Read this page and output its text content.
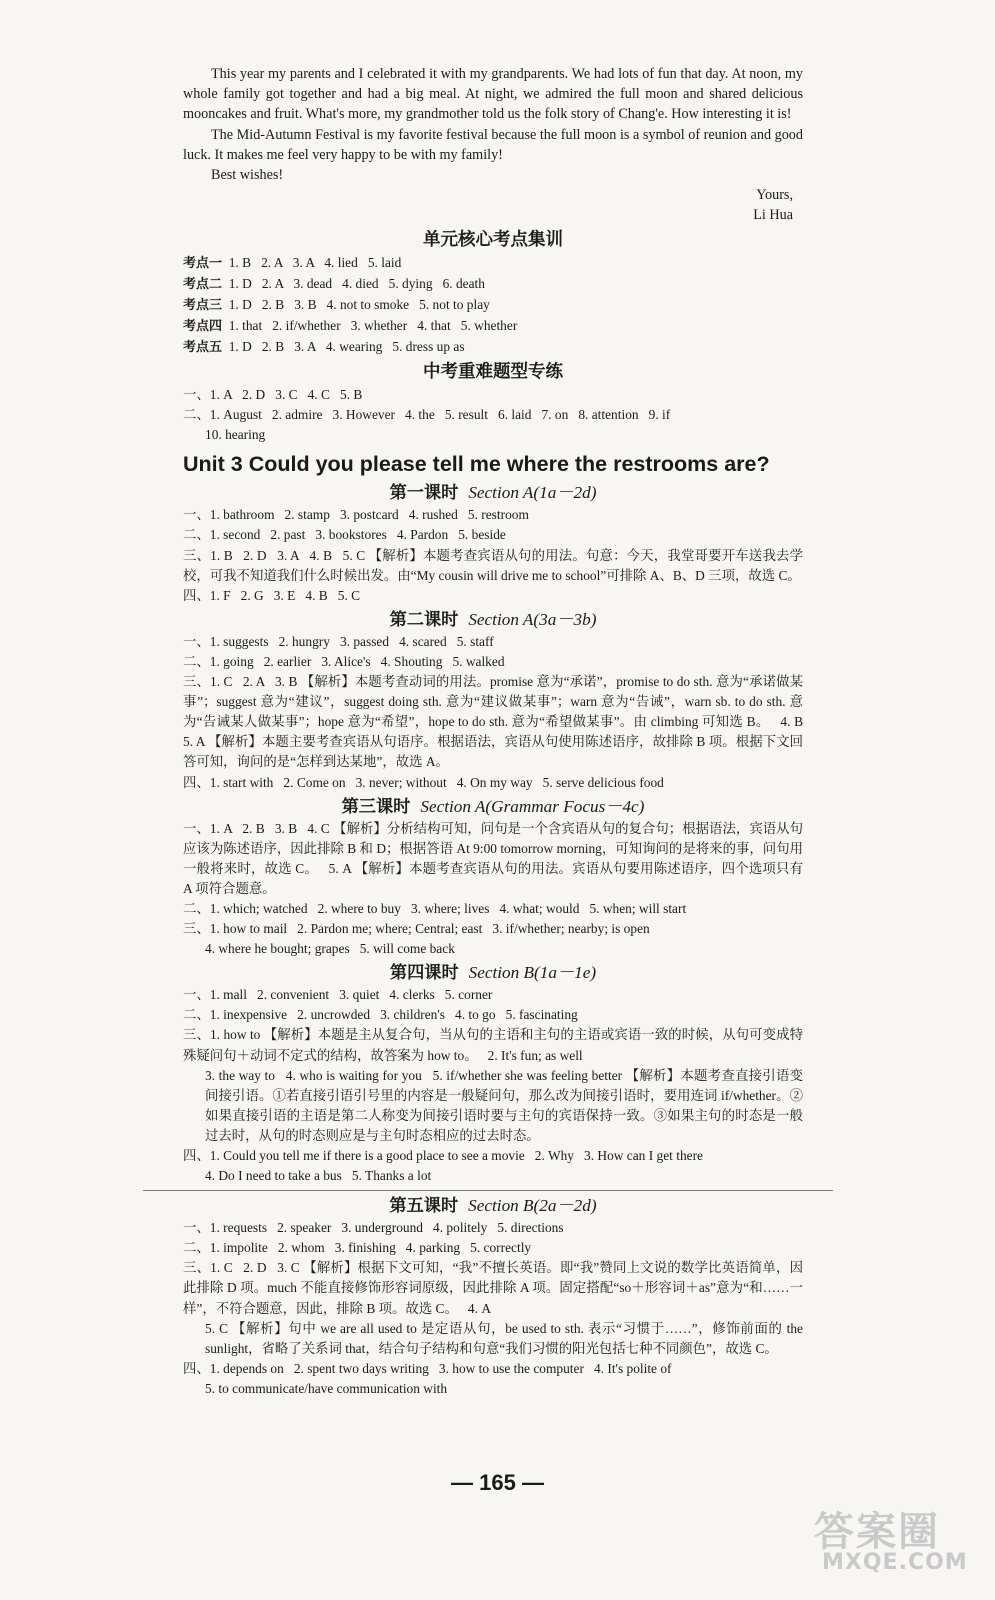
This year my parents and I celebrated it with my grandparents. We had lots of fun that day. At noon, my whole family got together and had a big meal. At night, we admired the full moon and shared delicious mooncakes and fruit. What's more, my grandmother told us the folk story of Chang'e. How interesting it is!

The Mid-Autumn Festival is my favorite festival because the full moon is a symbol of reunion and good luck. It makes me feel very happy to be with my family!

Best wishes!

Yours,
Li Hua
单元核心考点集训
考点一 1. B   2. A   3. A   4. lied   5. laid
考点二 1. D   2. A   3. dead   4. died   5. dying   6. death
考点三 1. D   2. B   3. B   4. not to smoke   5. not to play
考点四 1. that   2. if/whether   3. whether   4. that   5. whether
考点五 1. D   2. B   3. A   4. wearing   5. dress up as
中考重难题型专练
一、1. A   2. D   3. C   4. C   5. B
二、1. August   2. admire   3. However   4. the   5. result   6. laid   7. on   8. attention   9. if
10. hearing
Unit 3 Could you please tell me where the restrooms are?
第一课时 Section A(1a－2d)
一、1. bathroom   2. stamp   3. postcard   4. rushed   5. restroom
二、1. second   2. past   3. bookstores   4. Pardon   5. beside
三、1. B   2. D   3. A   4. B   5. C 【解析】本题考查宾语从句的用法。句意：今天，我堂哥要开车送我去学校，可我不知道我们什么时候出发。由“My cousin will drive me to school”可排除 A、B、D 三项，故选 C。
四、1. F   2. G   3. E   4. B   5. C
第二课时 Section A(3a－3b)
一、1. suggests   2. hungry   3. passed   4. scared   5. staff
二、1. going   2. earlier   3. Alice's   4. Shouting   5. walked
三、1. C   2. A   3. B 【解析】本题考查动词的用法。promise 意为“承诺”，promise to do sth. 意为“承诺做某事”；suggest 意为“建议”，suggest doing sth. 意为“建议做某事”；warn 意为“告诫”，warn sb. to do sth. 意为“告诫某人做某事”；hope 意为“希望”，hope to do sth. 意为“希望做某事”。由 climbing 可知选 B。   4. B   5. A 【解析】本题主要考查宾语从句语序。根据语法，宾语从句使用陈述语序，故排除 B 项。根据下文回答可知，询问的是“怎样到达某地”，故选 A。
四、1. start with   2. Come on   3. never; without   4. On my way   5. serve delicious food
第三课时 Section A(Grammar Focus－4c)
一、1. A   2. B   3. B   4. C 【解析】分析结构可知，问句是一个含宾语从句的复合句；根据语法，宾语从句应该为陈述语序，因此排除 B 和 D；根据答语 At 9:00 tomorrow morning，可知询问的是将来的事，问句用一般将来时，故选 C。   5. A 【解析】本题考查宾语从句的用法。宾语从句要用陈述语序，四个选项只有 A 项符合题意。
二、1. which; watched   2. where to buy   3. where; lives   4. what; would   5. when; will start
三、1. how to mail   2. Pardon me; where; Central; east   3. if/whether; nearby; is open
4. where he bought; grapes   5. will come back
第四课时 Section B(1a－1e)
一、1. mall   2. convenient   3. quiet   4. clerks   5. corner
二、1. inexpensive   2. uncrowded   3. children's   4. to go   5. fascinating
三、1. how to 【解析】本题是主从复合句，当从句的主语和主句的主语或宾语一致的时候，从句可变成特殊疑问句＋动词不定式的结构，故答案为 how to。   2. It's fun; as well
3. the way to   4. who is waiting for you   5. if/whether she was feeling better 【解析】本题考查直接引语变间接引语。①若直接引语引号里的内容是一般疑问句，那么改为间接引语时，要用连词 if/whether。②如果直接引语的主语是第二人称变为间接引语时要与主句的宾语保持一致。③如果主句的时态是一般过去时，从句的时态则应是与主句时态相应的过去时态。
四、1. Could you tell me if there is a good place to see a movie   2. Why   3. How can I get there
4. Do I need to take a bus   5. Thanks a lot
第五课时 Section B(2a－2d)
一、1. requests   2. speaker   3. underground   4. politely   5. directions
二、1. impolite   2. whom   3. finishing   4. parking   5. correctly
三、1. C   2. D   3. C 【解析】根据下文可知，“我”不擅长英语。即“我”赞同上文说的数学比英语简单，因此排除 D 项。much 不能直接修饰形容词原级，因此排除 A 项。固定搭配“so＋形容词＋as”意为“和……一样”，不符合题意，因此，排除 B 项。故选 C。   4. A
5. C 【解析】句中 we are all used to 是定语从句，be used to sth. 表示“习惯于……”，修饰前面的 the sunlight，省略了关系词 that，结合句子结构和句意“我们习惯的阳光包括七种不同颜色”，故选 C。
四、1. depends on   2. spent two days writing   3. how to use the computer   4. It's polite of
5. to communicate/have communication with
— 165 —
答案圈
MXQE.COM
